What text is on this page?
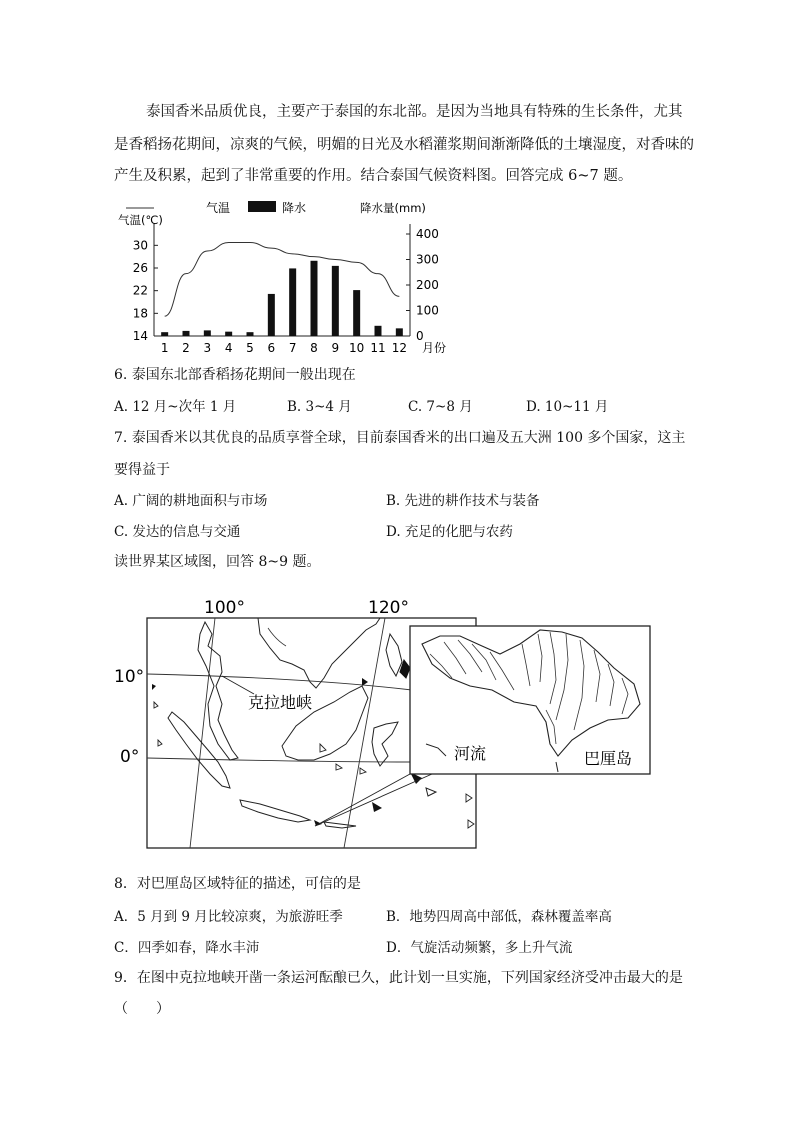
泰国香米品质优良，主要产于泰国的东北部。是因为当地具有特殊的生长条件，尤其
是香稻扬花期间，凉爽的气候，明媚的日光及水稻灌浆期间渐渐降低的土壤湿度，对香味的
产生及积累，起到了非常重要的作用。结合泰国气候资料图。回答完成 6~7 题。
气温	降水
气温(℃)
降水量(mm)
月份
30
26
22
18
14
400
300
200
100
0
1 2 3 4 5 6 7 8 9 10 11 12
6. 泰国东北部香稻扬花期间一般出现在
A. 12 月~次年 1 月	B. 3~4 月	C. 7~8 月	D. 10~11 月
7. 泰国香米以其优良的品质享誉全球，目前泰国香米的出口遍及五大洲 100 多个国家，这主
要得益于
A. 广阔的耕地面积与市场	B. 先进的耕作技术与装备
C. 发达的信息与交通	D. 充足的化肥与农药
读世界某区域图，回答 8~9 题。
100°	120°
10°
0°
克拉地峡
河流	巴厘岛
8．对巴厘岛区域特征的描述，可信的是
A．5 月到 9 月比较凉爽，为旅游旺季	B．地势四周高中部低，森林覆盖率高
C．四季如春，降水丰沛	D．气旋活动频繁，多上升气流
9．在图中克拉地峡开凿一条运河酝酿已久，此计划一旦实施，下列国家经济受冲击最大的是
（　　）
